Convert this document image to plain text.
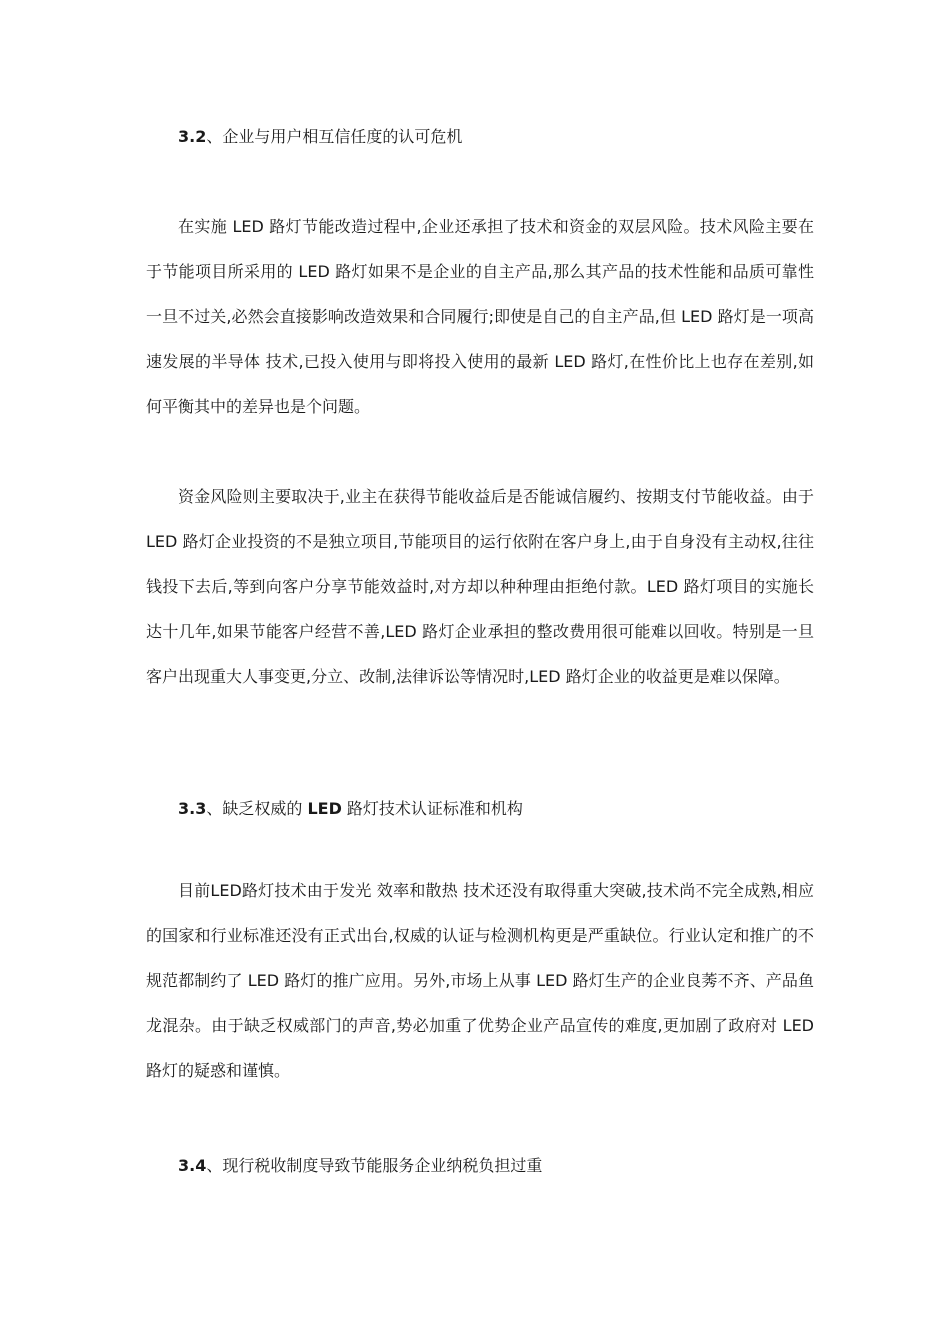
3.2、企业与用户相互信任度的认可危机
在实施 LED 路灯节能改造过程中,企业还承担了技术和资金的双层风险。技术风险主要在于节能项目所采用的 LED 路灯如果不是企业的自主产品,那么其产品的技术性能和品质可靠性一旦不过关,必然会直接影响改造效果和合同履行;即使是自己的自主产品,但 LED 路灯是一项高速发展的半导体 技术,已投入使用与即将投入使用的最新 LED 路灯,在性价比上也存在差别,如何平衡其中的差异也是个问题。
资金风险则主要取决于,业主在获得节能收益后是否能诚信履约、按期支付节能收益。由于 LED 路灯企业投资的不是独立项目,节能项目的运行依附在客户身上,由于自身没有主动权,往往钱投下去后,等到向客户分享节能效益时,对方却以种种理由拒绝付款。LED 路灯项目的实施长达十几年,如果节能客户经营不善,LED 路灯企业承担的整改费用很可能难以回收。特别是一旦客户出现重大人事变更,分立、改制,法律诉讼等情况时,LED 路灯企业的收益更是难以保障。
3.3、缺乏权威的 LED 路灯技术认证标准和机构
目前LED路灯技术由于发光 效率和散热 技术还没有取得重大突破,技术尚不完全成熟,相应的国家和行业标准还没有正式出台,权威的认证与检测机构更是严重缺位。行业认定和推广的不规范都制约了 LED 路灯的推广应用。另外,市场上从事 LED 路灯生产的企业良莠不齐、产品鱼龙混杂。由于缺乏权威部门的声音,势必加重了优势企业产品宣传的难度,更加剧了政府对 LED 路灯的疑惑和谨慎。
3.4、现行税收制度导致节能服务企业纳税负担过重
